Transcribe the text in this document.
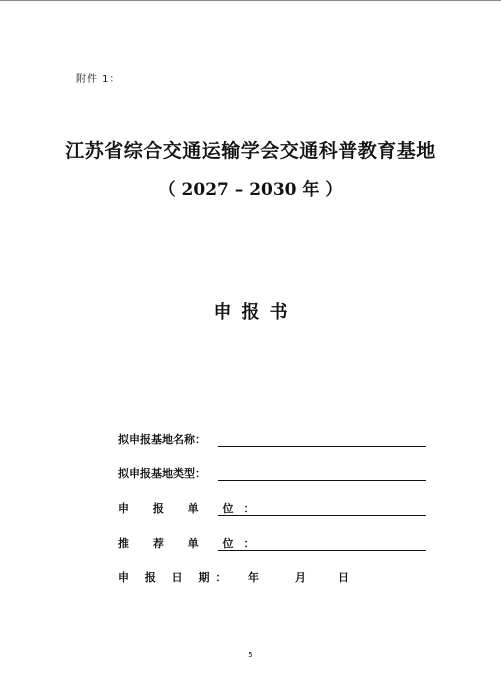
附件 1：
江苏省综合交通运输学会交通科普教育基地
（ 2027 – 2030 年 ）
申报书
拟申报基地名称：
拟申报基地类型：
申 报 单 位：
推 荐 单 位：
申 报 日 期： 年	月	日
5
